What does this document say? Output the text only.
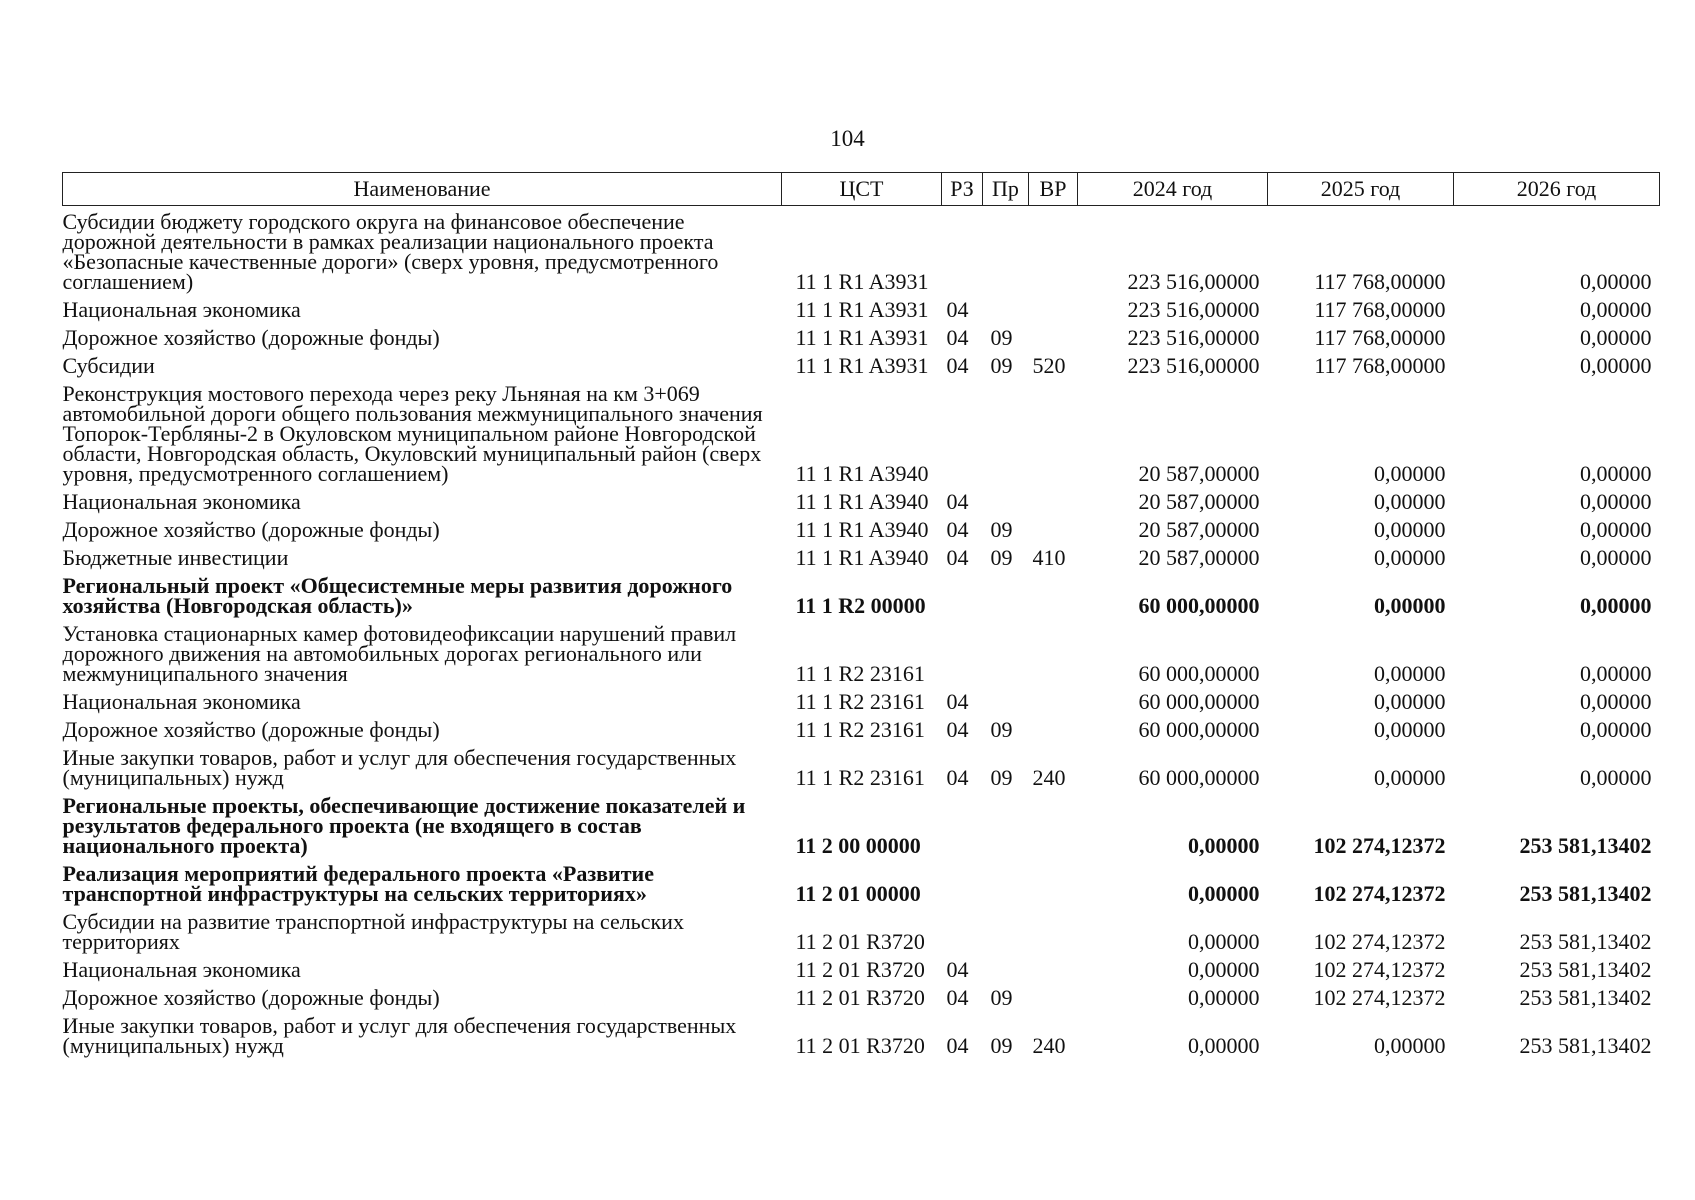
104
Наименование	ЦСТ	РЗ	Пр	ВР	2024 год	2025 год	2026 год
Субсидии бюджету городского округа на финансовое обеспечение дорожной деятельности в рамках реализации национального проекта «Безопасные качественные дороги» (сверх уровня, предусмотренного соглашением)	11 1 R1 A3931				223 516,00000	117 768,00000	0,00000
Национальная экономика	11 1 R1 A3931	04			223 516,00000	117 768,00000	0,00000
Дорожное хозяйство (дорожные фонды)	11 1 R1 A3931	04	09		223 516,00000	117 768,00000	0,00000
Субсидии	11 1 R1 A3931	04	09	520	223 516,00000	117 768,00000	0,00000
Реконструкция мостового перехода через реку Льняная на км 3+069 автомобильной дороги общего пользования межмуниципального значения Топорок-Тербляны-2 в Окуловском муниципальном районе Новгородской области, Новгородская область, Окуловский муниципальный район (сверх уровня, предусмотренного соглашением)	11 1 R1 A3940				20 587,00000	0,00000	0,00000
Национальная экономика	11 1 R1 A3940	04			20 587,00000	0,00000	0,00000
Дорожное хозяйство (дорожные фонды)	11 1 R1 A3940	04	09		20 587,00000	0,00000	0,00000
Бюджетные инвестиции	11 1 R1 A3940	04	09	410	20 587,00000	0,00000	0,00000
Региональный проект «Общесистемные меры развития дорожного хозяйства (Новгородская область)»	11 1 R2 00000				60 000,00000	0,00000	0,00000
Установка стационарных камер фотовидеофиксации нарушений правил дорожного движения на автомобильных дорогах регионального или межмуниципального значения	11 1 R2 23161				60 000,00000	0,00000	0,00000
Национальная экономика	11 1 R2 23161	04			60 000,00000	0,00000	0,00000
Дорожное хозяйство (дорожные фонды)	11 1 R2 23161	04	09		60 000,00000	0,00000	0,00000
Иные закупки товаров, работ и услуг для обеспечения государственных (муниципальных) нужд	11 1 R2 23161	04	09	240	60 000,00000	0,00000	0,00000
Региональные проекты, обеспечивающие достижение показателей и результатов федерального проекта (не входящего в состав национального проекта)	11 2 00 00000				0,00000	102 274,12372	253 581,13402
Реализация мероприятий федерального проекта «Развитие транспортной инфраструктуры на сельских территориях»	11 2 01 00000				0,00000	102 274,12372	253 581,13402
Субсидии на развитие транспортной инфраструктуры на сельских территориях	11 2 01 R3720				0,00000	102 274,12372	253 581,13402
Национальная экономика	11 2 01 R3720	04			0,00000	102 274,12372	253 581,13402
Дорожное хозяйство (дорожные фонды)	11 2 01 R3720	04	09		0,00000	102 274,12372	253 581,13402
Иные закупки товаров, работ и услуг для обеспечения государственных (муниципальных) нужд	11 2 01 R3720	04	09	240	0,00000	0,00000	253 581,13402
